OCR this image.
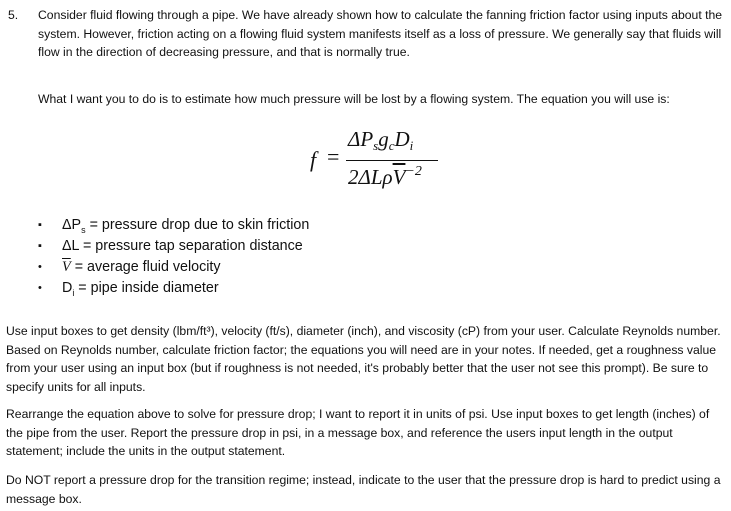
5. Consider fluid flowing through a pipe. We have already shown how to calculate the fanning friction factor using inputs about the system. However, friction acting on a flowing fluid system manifests itself as a loss of pressure. We generally say that fluids will flow in the direction of decreasing pressure, and that is normally true.
What I want you to do is to estimate how much pressure will be lost by a flowing system. The equation you will use is:
f =
$\Delta P_sg_cD_i$
$2\Delta L\rho\overline{V}^{-2}$
▪	$\Delta P_s$ = pressure drop due to skin friction
▪	ΔL = pressure tap separation distance
•	$\overline{V}$ = average fluid velocity
•	$D_i$ = pipe inside diameter
Use input boxes to get density (lbm/ft³), velocity (ft/s), diameter (inch), and viscosity (cP) from your user. Calculate Reynolds number. Based on Reynolds number, calculate friction factor; the equations you will need are in your notes. If needed, get a roughness value from your user using an input box (but if roughness is not needed, it's probably better that the user not see this prompt). Be sure to specify units for all inputs.
Rearrange the equation above to solve for pressure drop; I want to report it in units of psi. Use input boxes to get length (inches) of the pipe from the user. Report the pressure drop in psi, in a message box, and reference the users input length in the output statement; include the units in the output statement.
Do NOT report a pressure drop for the transition regime; instead, indicate to the user that the pressure drop is hard to predict using a message box.
